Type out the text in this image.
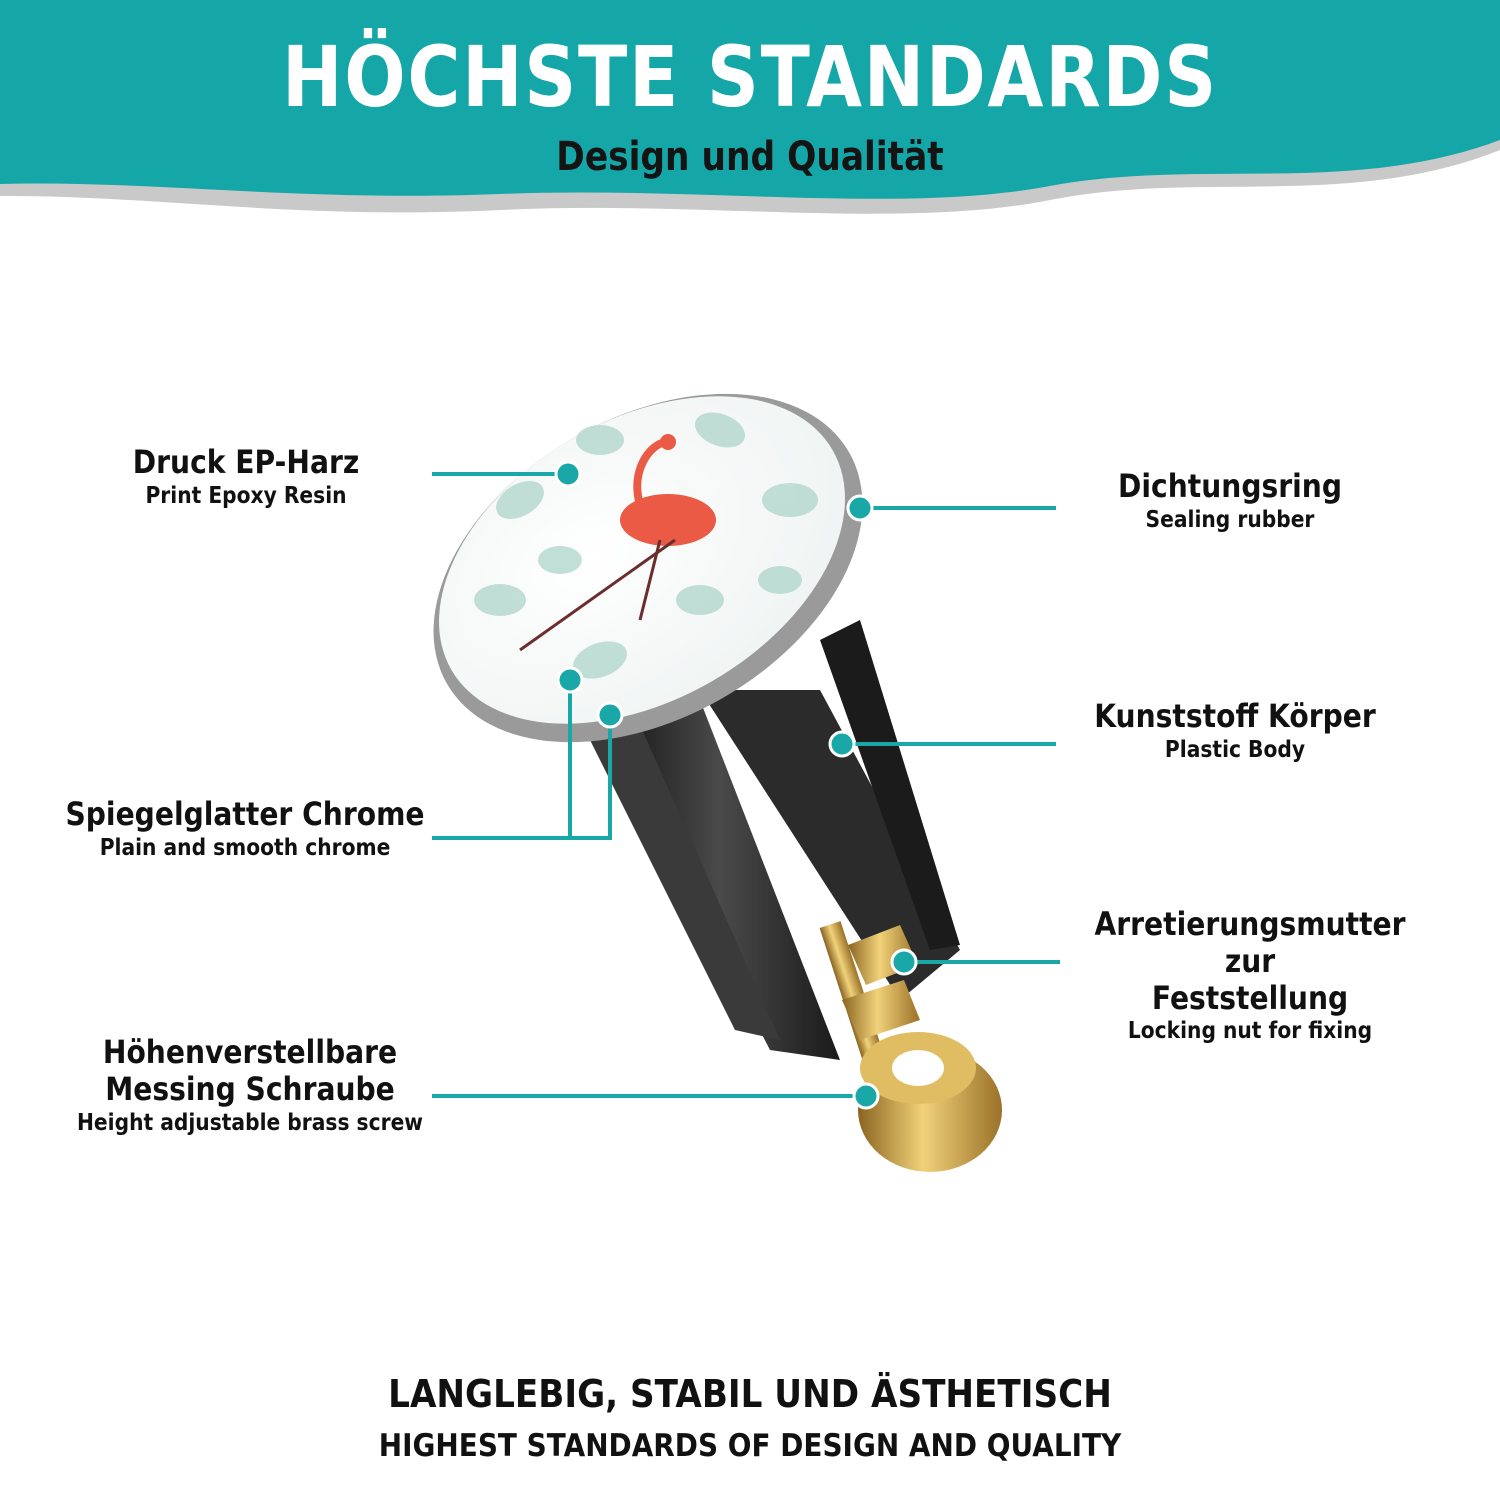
HÖCHSTE STANDARDS
Design und Qualität
Druck EP-Harz
Print Epoxy Resin
Spiegelglatter Chrome
Plain and smooth chrome
Höhenverstellbare
Messing Schraube
Height adjustable brass screw
Dichtungsring
Sealing rubber
Kunststoff Körper
Plastic Body
Arretierungsmutter zur
Feststellung
Locking nut for fixing
LANGLEBIG, STABIL UND ÄSTHETISCH
HIGHEST STANDARDS OF DESIGN AND QUALITY
